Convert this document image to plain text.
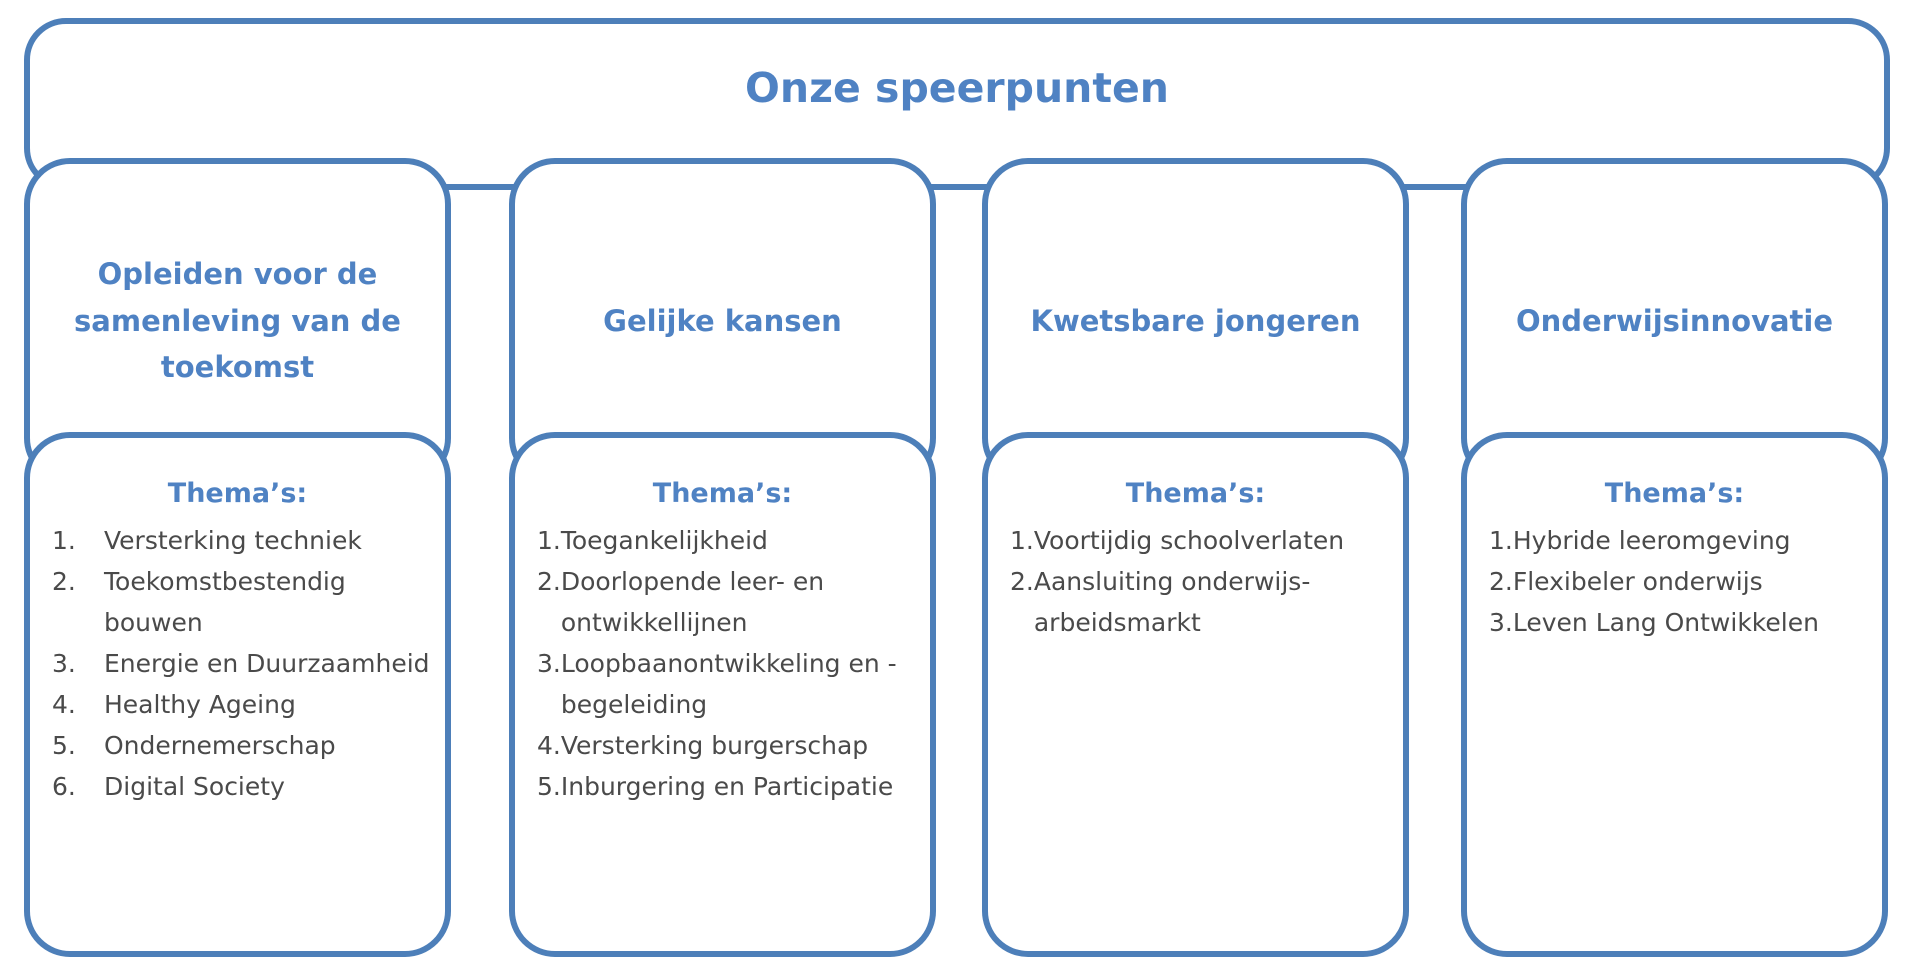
Onze speerpunten
Opleiden voor de samenleving van de toekomst
Thema’s:
1.	Versterking techniek
2.	Toekomstbestendig bouwen
3.	Energie en Duurzaamheid
4.	Healthy Ageing
5.	Ondernemerschap
6.	Digital Society
Gelijke kansen
Thema’s:
1. Toegankelijkheid
2. Doorlopende leer- en ontwikkellijnen
3. Loopbaanontwikkeling en -begeleiding
4. Versterking burgerschap
5. Inburgering en Participatie
Kwetsbare jongeren
Thema’s:
1. Voortijdig schoolverlaten
2. Aansluiting onderwijs-arbeidsmarkt
Onderwijsinnovatie
Thema’s:
1. Hybride leeromgeving
2. Flexibeler onderwijs
3. Leven Lang Ontwikkelen
